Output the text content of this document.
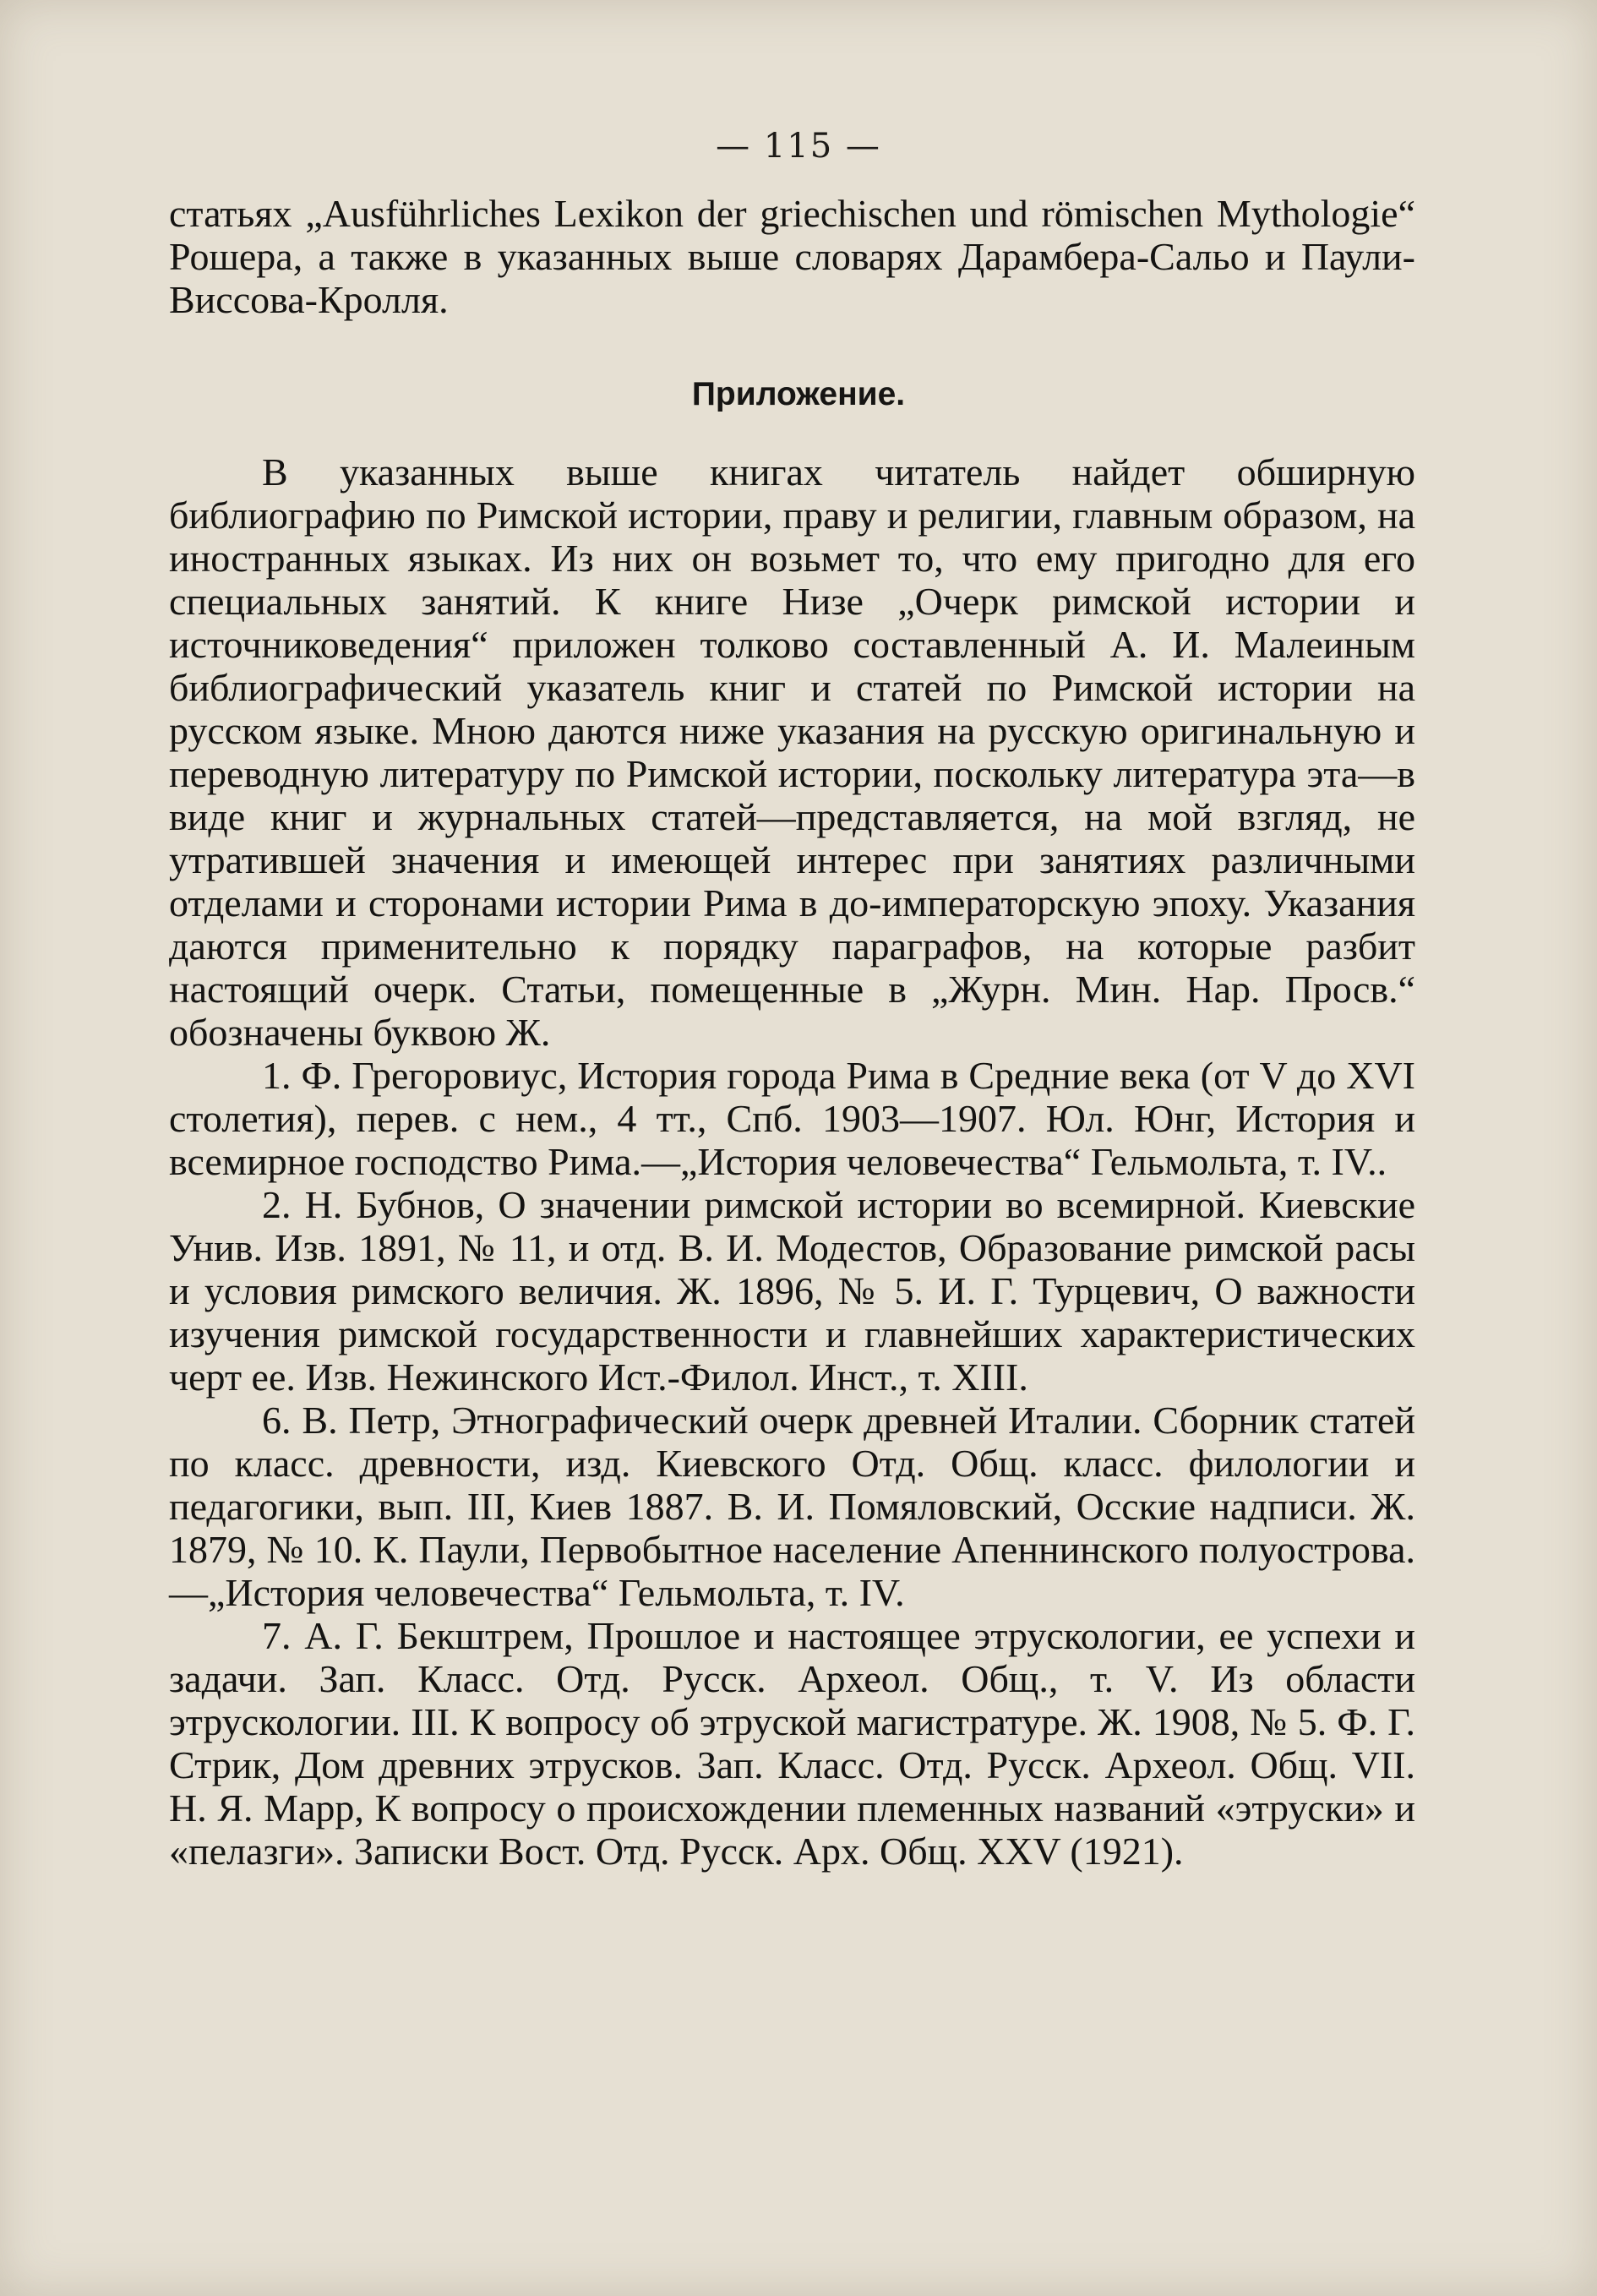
— 115 —

статьях „Ausführliches Lexikon der griechischen und römischen Mythologie“ Рошера, а также в указанных выше словарях Дарамбера-Сальо и Паули-Виссова-Кролля.

Приложение.

В указанных выше книгах читатель найдет обширную библиографию по Римской истории, праву и религии, главным образом, на иностранных языках. Из них он возьмет то, что ему пригодно для его специальных занятий. К книге Низе „Очерк римской истории и источниковедения“ приложен толково составленный А. И. Малеиным библиографический указатель книг и статей по Римской истории на русском языке. Мною даются ниже указания на русскую оригинальную и переводную литературу по Римской истории, поскольку литература эта—в виде книг и журнальных статей—представляется, на мой взгляд, не утратившей значения и имеющей интерес при занятиях различными отделами и сторонами истории Рима в до-императорскую эпоху. Указания даются применительно к порядку параграфов, на которые разбит настоящий очерк. Статьи, помещенные в „Журн. Мин. Нар. Просв.“ обозначены буквою Ж.

1. Ф. Грегоровиус, История города Рима в Средние века (от V до XVI столетия), перев. с нем., 4 тт., Спб. 1903—1907. Юл. Юнг, История и всемирное господство Рима.—„История человечества“ Гельмольта, т. IV..

2. Н. Бубнов, О значении римской истории во всемирной. Киевские Унив. Изв. 1891, № 11, и отд. В. И. Модестов, Образование римской расы и условия римского величия. Ж. 1896, № 5. И. Г. Турцевич, О важности изучения римской государственности и главнейших характеристических черт ее. Изв. Нежинского Ист.-Филол. Инст., т. XIII.

6. В. Петр, Этнографический очерк древней Италии. Сборник статей по класс. древности, изд. Киевского Отд. Общ. класс. филологии и педагогики, вып. III, Киев 1887. В. И. Помяловский, Осские надписи. Ж. 1879, № 10. К. Паули, Первобытное население Апеннинского полуострова.—„История человечества“ Гельмольта, т. IV.

7. А. Г. Бекштрем, Прошлое и настоящее этрускологии, ее успехи и задачи. Зап. Класс. Отд. Русск. Археол. Общ., т. V. Из области этрускологии. III. К вопросу об этруской магистратуре. Ж. 1908, № 5. Ф. Г. Стрик, Дом древних этрусков. Зап. Класс. Отд. Русск. Археол. Общ. VII. Н. Я. Марр, К вопросу о происхождении племенных названий «этруски» и «пелазги». Записки Вост. Отд. Русск. Арх. Общ. XXV (1921).
